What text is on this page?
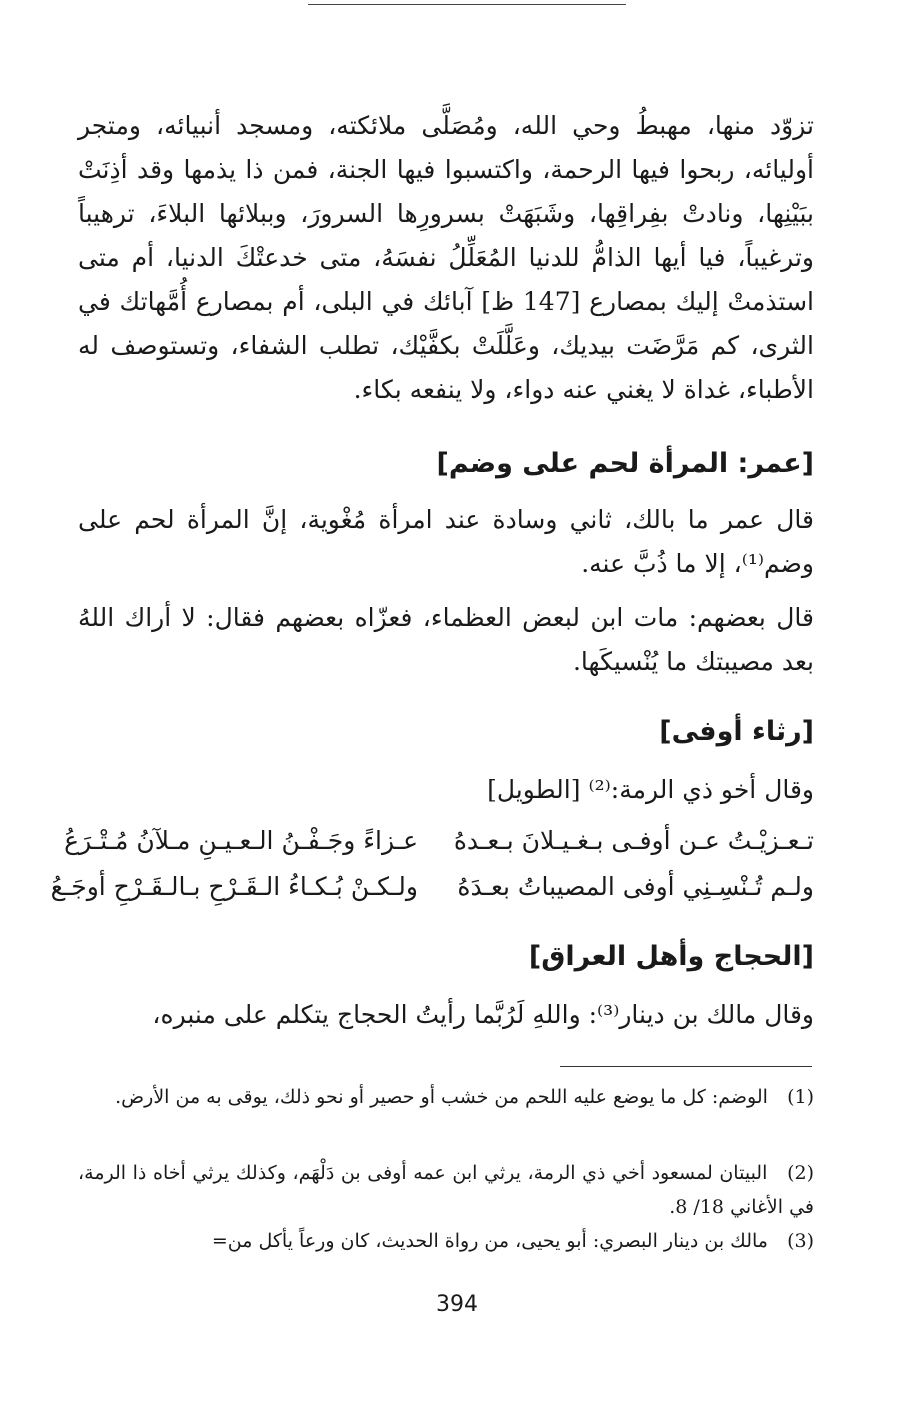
تزوّد منها، مهبطُ وحي الله، ومُصَلَّى ملائكته، ومسجد أنبيائه، ومتجر أوليائه، ربحوا فيها الرحمة، واكتسبوا فيها الجنة، فمن ذا يذمها وقد أذِنَتْ ببَيْنِها، ونادتْ بفِراقِها، وشَبَهَتْ بسرورِها السرورَ، وببلائها البلاءَ، ترهيباً وترغيباً، فيا أيها الذامُّ للدنيا المُعَلِّلُ نفسَهُ، متى خدعتْكَ الدنيا، أم متى استذمتْ إليك بمصارع [147 ظ] آبائك في البلى، أم بمصارع أُمَّهاتك في الثرى، كم مَرَّضَت بيديك، وعَلَّلَتْ بكفَّيْك، تطلب الشفاء، وتستوصف له الأطباء، غداة لا يغني عنه دواء، ولا ينفعه بكاء.
[عمر: المرأة لحم على وضم]
قال عمر ما بالك، ثاني وسادة عند امرأة مُغْوية، إنَّ المرأة لحم على وضم⁽¹⁾، إلا ما ذُبَّ عنه.
قال بعضهم: مات ابن لبعض العظماء، فعزّاه بعضهم فقال: لا أراك اللهُ بعد مصيبتك ما يُنْسيكَها.
[رثاء أوفى]
وقال أخو ذي الرمة:⁽²⁾ [الطويل]
تـعـزيْـتُ عـن أوفـى بـغـيـلانَ بـعـدهُ
عـزاءً وجَـفْـنُ الـعـيـنِ مـلآنُ مُـتْـرَعُ
ولـم تُـنْسِـنِي أوفى المصيباتُ بعـدَهُ
ولـكـنْ بُـكـاءُ الـقَـرْحِ بـالـقَـرْحِ أوجَـعُ
[الحجاج وأهل العراق]
وقال مالك بن دينار⁽³⁾: واللهِ لَرُبَّما رأيتُ الحجاج يتكلم على منبره،
(1) الوضم: كل ما يوضع عليه اللحم من خشب أو حصير أو نحو ذلك، يوقى به من الأرض.
(2) البيتان لمسعود أخي ذي الرمة، يرثي ابن عمه أوفى بن دَلْهَم، وكذلك يرثي أخاه ذا الرمة، في الأغاني 18/ 8.
(3) مالك بن دينار البصري: أبو يحيى، من رواة الحديث، كان ورعاً يأكل من=
394
